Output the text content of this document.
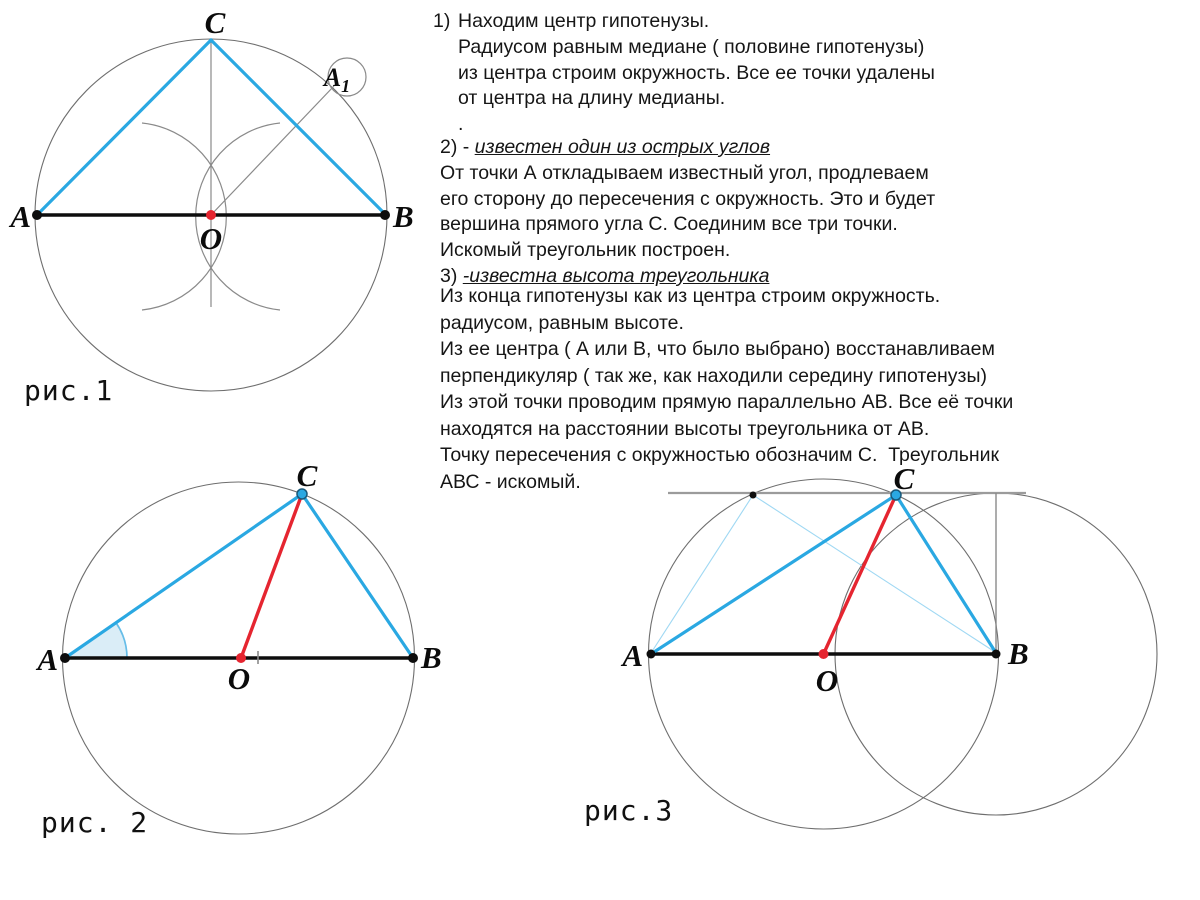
A	B
C
O
$A_1$
рис.1
A	B
C
O
рис. 2
A	B
C
O
рис.3
1) Находим центр гипотенузы.
Радиусом равным медиане ( половине гипотенузы)
из центра строим окружность. Все ее точки удалены
от центра на длину медианы.
.
2) - известен один из острых углов
От точки А откладываем известный угол, продлеваем
его сторону до пересечения с окружность. Это и будет
вершина прямого угла С. Соединим все три точки.
Искомый треугольник построен.
3) -известна высота треугольника
Из конца гипотенузы как из центра строим окружность.
радиусом, равным высоте.
Из ее центра ( А или В, что было выбрано) восстанавливаем
перпендикуляр ( так же, как находили середину гипотенузы)
Из этой точки проводим прямую параллельно АВ. Все её точки
находятся на расстоянии высоты треугольника от АВ.
Точку пересечения с окружностью обозначим С.  Треугольник
АВС - искомый.
